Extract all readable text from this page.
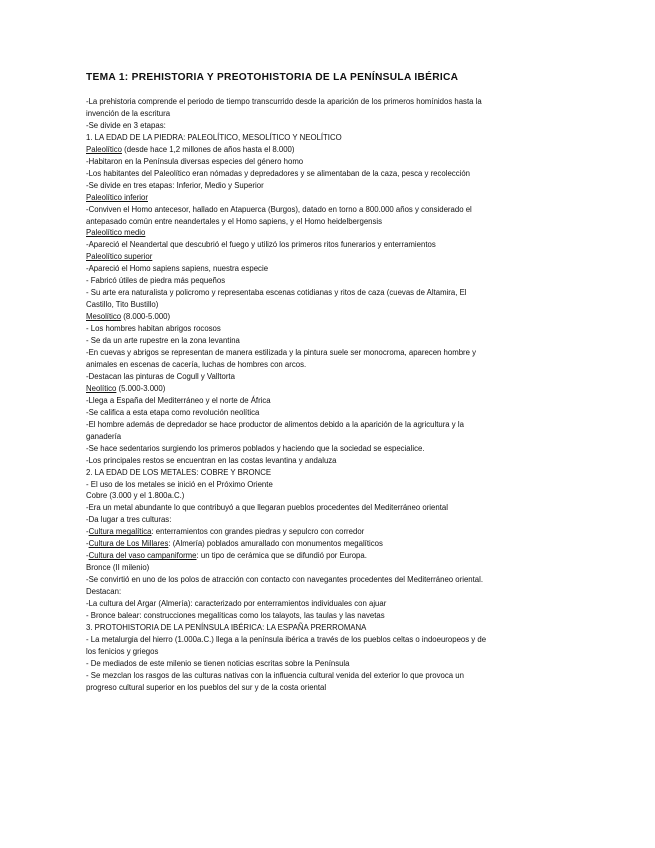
TEMA 1: PREHISTORIA Y PREOTOHISTORIA DE LA PENÍNSULA IBÉRICA

-La prehistoria comprende el periodo de tiempo transcurrido desde la aparición de los primeros homínidos hasta la invención de la escritura

-Se divide en 3 etapas:

1. LA EDAD DE LA PIEDRA: PALEOLÍTICO, MESOLÍTICO Y NEOLÍTICO

Paleolítico (desde hace 1,2 millones de años hasta el 8.000)

-Habitaron en la Península diversas especies del género homo

-Los habitantes del Paleolítico eran nómadas y depredadores y se alimentaban de la caza, pesca y recolección

-Se divide en tres etapas: Inferior, Medio y Superior

Paleolítico inferior

-Conviven el Homo antecesor, hallado en Atapuerca (Burgos), datado en torno a 800.000 años y considerado el antepasado común entre neandertales y el Homo sapiens, y el Homo heidelbergensis

Paleolítico medio

-Apareció el Neandertal que descubrió el fuego y utilizó los primeros ritos funerarios y enterramientos

Paleolítico superior

-Apareció el Homo sapiens sapiens, nuestra especie

- Fabricó útiles de piedra más pequeños

- Su arte era naturalista y policromo y representaba escenas cotidianas y ritos de caza (cuevas de Altamira, El Castillo, Tito Bustillo)

Mesolítico (8.000-5.000)

- Los hombres habitan abrigos rocosos

- Se da un arte rupestre en la zona levantina

-En cuevas y abrigos se representan de manera estilizada y la pintura suele ser monocroma, aparecen hombre y animales en escenas de cacería, luchas de hombres con arcos.

-Destacan las pinturas de Cogull y Valltorta

Neolítico (5.000-3.000)

-Llega a España del Mediterráneo y el norte de África

-Se califica a esta etapa como revolución neolítica

-El hombre además de depredador se hace productor de alimentos debido a la aparición de la agricultura y la ganadería

-Se hace sedentarios surgiendo los primeros poblados y haciendo que la sociedad se especialice.

-Los principales restos se encuentran en las costas levantina y andaluza

2. LA EDAD DE LOS METALES: COBRE Y BRONCE

- El uso de los metales se inició en el Próximo Oriente

Cobre (3.000 y el 1.800a.C.)

-Era un metal abundante lo que contribuyó a que llegaran pueblos procedentes del Mediterráneo oriental

-Da lugar a tres culturas:

-Cultura megalítica: enterramientos con grandes piedras y sepulcro con corredor

-Cultura de Los Millares: (Almería) poblados amurallado con monumentos megalíticos

-Cultura del vaso campaniforme: un tipo de cerámica que se difundió por Europa.

Bronce (II milenio)

-Se convirtió en uno de los polos de atracción con contacto con navegantes procedentes del Mediterráneo oriental. Destacan:

-La cultura del Argar (Almería): caracterizado por enterramientos individuales con ajuar

- Bronce balear: construcciones megalíticas como los talayots, las taulas y las navetas

3. PROTOHISTORIA DE LA PENÍNSULA IBÉRICA: LA ESPAÑA PRERROMANA

- La metalurgia del hierro (1.000a.C.) llega a la península ibérica a través de los pueblos celtas o indoeuropeos y de los fenicios y griegos

- De mediados de este milenio se tienen noticias escritas sobre la Península

- Se mezclan los rasgos de las culturas nativas con la influencia cultural venida del exterior lo que provoca un progreso cultural superior en los pueblos del sur y de la costa oriental
